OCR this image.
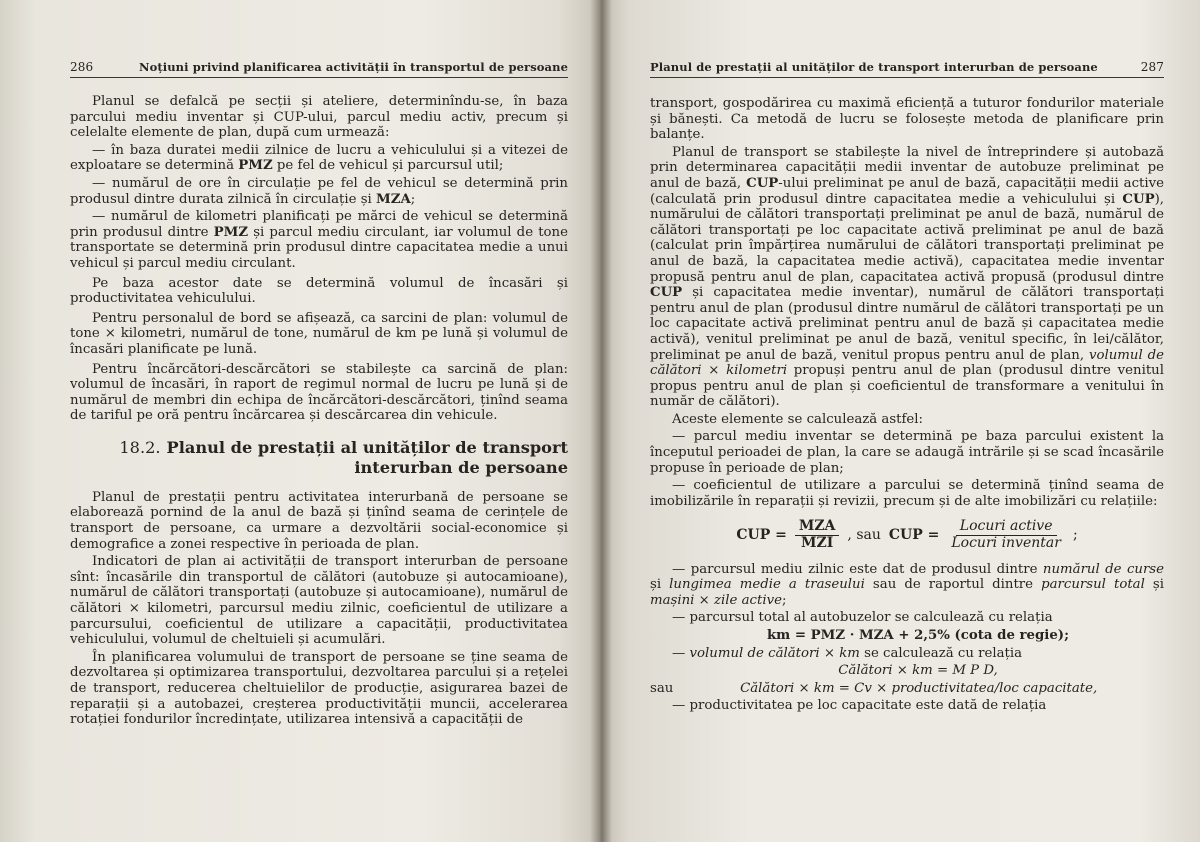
286	Noțiuni privind planificarea activității în transportul de persoane

Planul se defalcă pe secții și ateliere, determinîndu-se, în baza parcului mediu inventar și CUP-ului, parcul mediu activ, precum și celelalte elemente de plan, după cum urmează:

— în baza duratei medii zilnice de lucru a vehiculului și a vitezei de exploatare se determină PMZ pe fel de vehicul și parcursul util;

— numărul de ore în circulație pe fel de vehicul se determină prin produsul dintre durata zilnică în circulație și MZA;

— numărul de kilometri planificați pe mărci de vehicul se determină prin produsul dintre PMZ și parcul mediu circulant, iar volumul de tone transportate se determină prin produsul dintre capacitatea medie a unui vehicul și parcul mediu circulant.

Pe baza acestor date se determină volumul de încasări și productivitatea vehiculului.

Pentru personalul de bord se afișează, ca sarcini de plan: volumul de tone × kilometri, numărul de tone, numărul de km pe lună și volumul de încasări planificate pe lună.

Pentru încărcători-descărcători se stabilește ca sarcină de plan: volumul de încasări, în raport de regimul normal de lucru pe lună și de numărul de membri din echipa de încărcători-descărcători, ținînd seama de tariful pe oră pentru încărcarea și descărcarea din vehicule.

18.2. Planul de prestații al unităților de transport interurban de persoane

Planul de prestații pentru activitatea interurbană de persoane se elaborează pornind de la anul de bază și ținînd seama de cerințele de transport de persoane, ca urmare a dezvoltării social-economice și demografice a zonei respective în perioada de plan.

Indicatori de plan ai activității de transport interurban de persoane sînt: încasările din transportul de călători (autobuze și autocamioane), numărul de călători transportați (autobuze și autocamioane), numărul de călători × kilometri, parcursul mediu zilnic, coeficientul de utilizare a parcursului, coeficientul de utilizare a capacității, productivitatea vehiculului, volumul de cheltuieli și acumulări.

În planificarea volumului de transport de persoane se ține seama de dezvoltarea și optimizarea transportului, dezvoltarea parcului și a rețelei de transport, reducerea cheltuielilor de producție, asigurarea bazei de reparații și a autobazei, creșterea productivității muncii, accelerarea rotației fondurilor încredințate, utilizarea intensivă a capacității de

Planul de prestații al unităților de transport interurban de persoane	287

transport, gospodărirea cu maximă eficiență a tuturor fondurilor materiale și bănești. Ca metodă de lucru se folosește metoda de planificare prin balanțe.

Planul de transport se stabilește la nivel de întreprindere și autobază prin determinarea capacității medii inventar de autobuze preliminat pe anul de bază, CUP-ului preliminat pe anul de bază, capacității medii active (calculată prin produsul dintre capacitatea medie a vehiculului și CUP), numărului de călători transportați preliminat pe anul de bază, numărul de călători transportați pe loc capacitate activă preliminat pe anul de bază (calculat prin împărțirea numărului de călători transportați preliminat pe anul de bază, la capacitatea medie activă), capacitatea medie inventar propusă pentru anul de plan, capacitatea activă propusă (produsul dintre CUP și capacitatea medie inventar), numărul de călători transportați pentru anul de plan (produsul dintre numărul de călători transportați pe un loc capacitate activă preliminat pentru anul de bază și capacitatea medie activă), venitul preliminat pe anul de bază, venitul specific, în lei/călător, preliminat pe anul de bază, venitul propus pentru anul de plan, volumul de călători × kilometri propuși pentru anul de plan (produsul dintre venitul propus pentru anul de plan și coeficientul de transformare a venitului în număr de călători).

Aceste elemente se calculează astfel:

— parcul mediu inventar se determină pe baza parcului existent la începutul perioadei de plan, la care se adaugă intrările și se scad încasările propuse în perioade de plan;

— coeficientul de utilizare a parcului se determină ținînd seama de imobilizările în reparații și revizii, precum și de alte imobilizări cu relațiile:

CUP = $\frac{\text{MZA}}{\text{MZI}}$ , sau CUP = $\frac{\text{Locuri active}}{\text{Locuri inventar}}$ ;

— parcursul mediu zilnic este dat de produsul dintre numărul de curse și lungimea medie a traseului sau de raportul dintre parcursul total și mașini × zile active;

— parcursul total al autobuzelor se calculează cu relația

km = PMZ · MZA + 2,5% (cota de regie);

— volumul de călători × km se calculează cu relația

Călători × km = M P D,

sau	Călători × km = Cv × productivitatea/loc capacitate,

— productivitatea pe loc capacitate este dată de relația
